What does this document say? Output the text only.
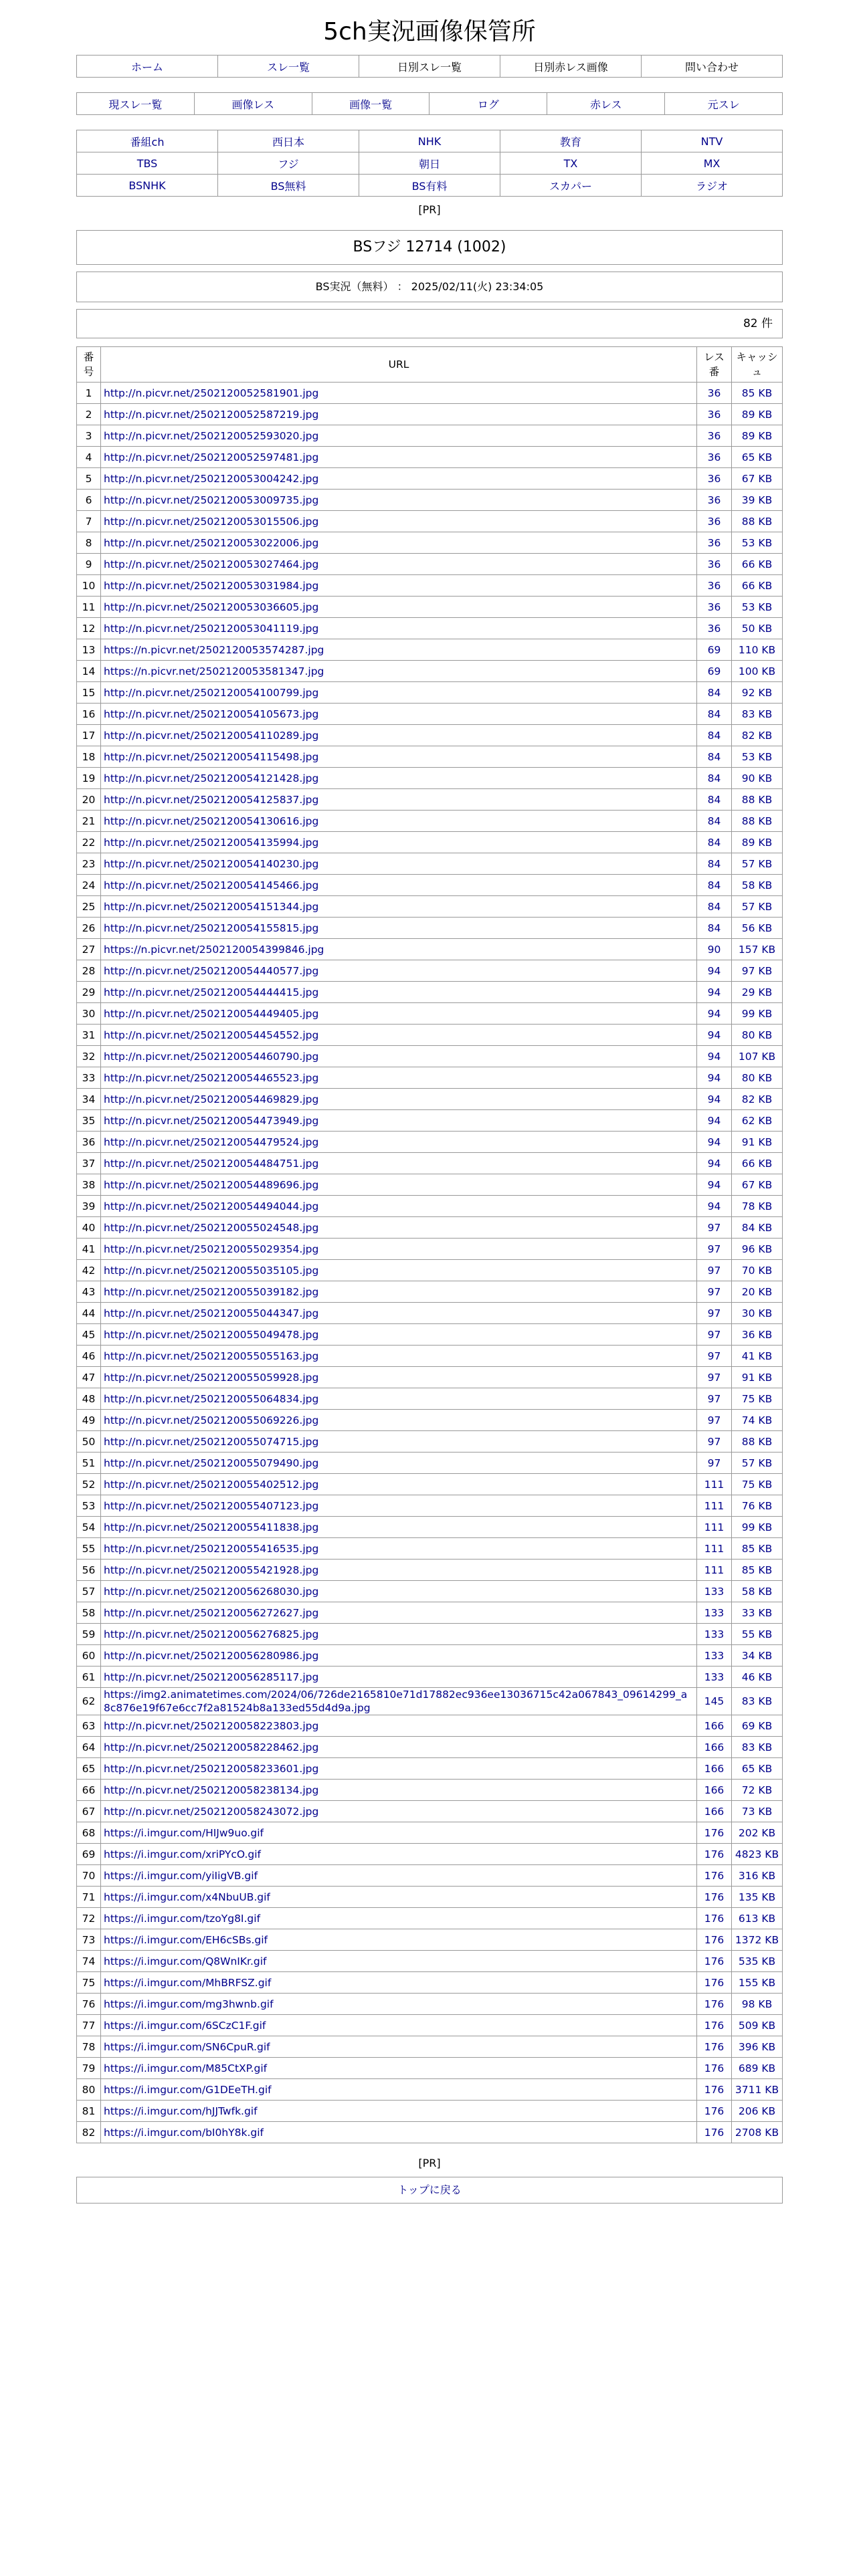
5ch実況画像保管所
ホーム	スレ一覧	日別スレ一覧	日別赤レス画像	問い合わせ
現スレ一覧	画像レス	画像一覧	ログ	赤レス	元スレ
番組ch	西日本	NHK	教育	NTV
TBS	フジ	朝日	TX	MX
BSNHK	BS無料	BS有料	スカパー	ラジオ
[PR]
BSフジ 12714 (1002)
BS実況（無料） ： 2025/02/11(火) 23:34:05
82 件
番号	URL	レス番	キャッシュ
1	http://n.picvr.net/250212005258190​1.jpg	36	85 KB
2	http://n.picvr.net/2502120052587219.jpg	36	89 KB
3	http://n.picvr.net/2502120052593020.jpg	36	89 KB
4	http://n.picvr.net/2502120052597481.jpg	36	65 KB
5	http://n.picvr.net/2502120053004242.jpg	36	67 KB
6	http://n.picvr.net/2502120053009735.jpg	36	39 KB
7	http://n.picvr.net/2502120053015506.jpg	36	88 KB
8	http://n.picvr.net/2502120053022006.jpg	36	53 KB
9	http://n.picvr.net/2502120053027464.jpg	36	66 KB
10	http://n.picvr.net/2502120053031984.jpg	36	66 KB
11	http://n.picvr.net/2502120053036605.jpg	36	53 KB
12	http://n.picvr.net/2502120053041119.jpg	36	50 KB
13	https://n.picvr.net/2502120053574287.jpg	69	110 KB
14	https://n.picvr.net/2502120053581347.jpg	69	100 KB
15	http://n.picvr.net/2502120054100799.jpg	84	92 KB
16	http://n.picvr.net/2502120054105673.jpg	84	83 KB
17	http://n.picvr.net/2502120054110289.jpg	84	82 KB
18	http://n.picvr.net/2502120054115498.jpg	84	53 KB
19	http://n.picvr.net/2502120054121428.jpg	84	90 KB
20	http://n.picvr.net/2502120054125837.jpg	84	88 KB
21	http://n.picvr.net/2502120054130616.jpg	84	88 KB
22	http://n.picvr.net/2502120054135994.jpg	84	89 KB
23	http://n.picvr.net/2502120054140230.jpg	84	57 KB
24	http://n.picvr.net/2502120054145466.jpg	84	58 KB
25	http://n.picvr.net/2502120054151344.jpg	84	57 KB
26	http://n.picvr.net/2502120054155815.jpg	84	56 KB
27	https://n.picvr.net/2502120054399846.jpg	90	157 KB
28	http://n.picvr.net/2502120054440577.jpg	94	97 KB
29	http://n.picvr.net/2502120054444415.jpg	94	29 KB
30	http://n.picvr.net/2502120054449405.jpg	94	99 KB
31	http://n.picvr.net/2502120054454552.jpg	94	80 KB
32	http://n.picvr.net/2502120054460790.jpg	94	107 KB
33	http://n.picvr.net/2502120054465523.jpg	94	80 KB
34	http://n.picvr.net/2502120054469829.jpg	94	82 KB
35	http://n.picvr.net/2502120054473949.jpg	94	62 KB
36	http://n.picvr.net/2502120054479524.jpg	94	91 KB
37	http://n.picvr.net/2502120054484751.jpg	94	66 KB
38	http://n.picvr.net/2502120054489696.jpg	94	67 KB
39	http://n.picvr.net/2502120054494044.jpg	94	78 KB
40	http://n.picvr.net/2502120055024548.jpg	97	84 KB
41	http://n.picvr.net/2502120055029354.jpg	97	96 KB
42	http://n.picvr.net/2502120055035105.jpg	97	70 KB
43	http://n.picvr.net/2502120055039182.jpg	97	20 KB
44	http://n.picvr.net/2502120055044347.jpg	97	30 KB
45	http://n.picvr.net/2502120055049478.jpg	97	36 KB
46	http://n.picvr.net/2502120055055163.jpg	97	41 KB
47	http://n.picvr.net/2502120055059928.jpg	97	91 KB
48	http://n.picvr.net/2502120055064834.jpg	97	75 KB
49	http://n.picvr.net/2502120055069226.jpg	97	74 KB
50	http://n.picvr.net/2502120055074715.jpg	97	88 KB
51	http://n.picvr.net/2502120055079490.jpg	97	57 KB
52	http://n.picvr.net/2502120055402512.jpg	111	75 KB
53	http://n.picvr.net/2502120055407123.jpg	111	76 KB
54	http://n.picvr.net/2502120055411838.jpg	111	99 KB
55	http://n.picvr.net/2502120055416535.jpg	111	85 KB
56	http://n.picvr.net/2502120055421928.jpg	111	85 KB
57	http://n.picvr.net/2502120056268030.jpg	133	58 KB
58	http://n.picvr.net/2502120056272627.jpg	133	33 KB
59	http://n.picvr.net/2502120056276825.jpg	133	55 KB
60	http://n.picvr.net/2502120056280986.jpg	133	34 KB
61	http://n.picvr.net/2502120056285117.jpg	133	46 KB
62	https://img2.animatetimes.com/2024/06/726de2165810e71d17882ec936ee13036715c42a067843_09614299_a8c876e19f67e6cc7f2a81524b8a133ed55d4d9a.jpg	145	83 KB
63	http://n.picvr.net/2502120058223803.jpg	166	69 KB
64	http://n.picvr.net/2502120058228462.jpg	166	83 KB
65	http://n.picvr.net/2502120058233601.jpg	166	65 KB
66	http://n.picvr.net/2502120058238134.jpg	166	72 KB
67	http://n.picvr.net/2502120058243072.jpg	166	73 KB
68	https://i.imgur.com/HIJw9uo.gif	176	202 KB
69	https://i.imgur.com/xriPYcO.gif	176	4823 KB
70	https://i.imgur.com/yiIigVB.gif	176	316 KB
71	https://i.imgur.com/x4NbuUB.gif	176	135 KB
72	https://i.imgur.com/tzoYg8I.gif	176	613 KB
73	https://i.imgur.com/EH6cSBs.gif	176	1372 KB
74	https://i.imgur.com/Q8WnIKr.gif	176	535 KB
75	https://i.imgur.com/MhBRFSZ.gif	176	155 KB
76	https://i.imgur.com/mg3hwnb.gif	176	98 KB
77	https://i.imgur.com/6SCzC1F.gif	176	509 KB
78	https://i.imgur.com/SN6CpuR.gif	176	396 KB
79	https://i.imgur.com/M85CtXP.gif	176	689 KB
80	https://i.imgur.com/G1DEeTH.gif	176	3711 KB
81	https://i.imgur.com/hJJTwfk.gif	176	206 KB
82	https://i.imgur.com/bI0hY8k.gif	176	2708 KB
[PR]
トップに戻る
